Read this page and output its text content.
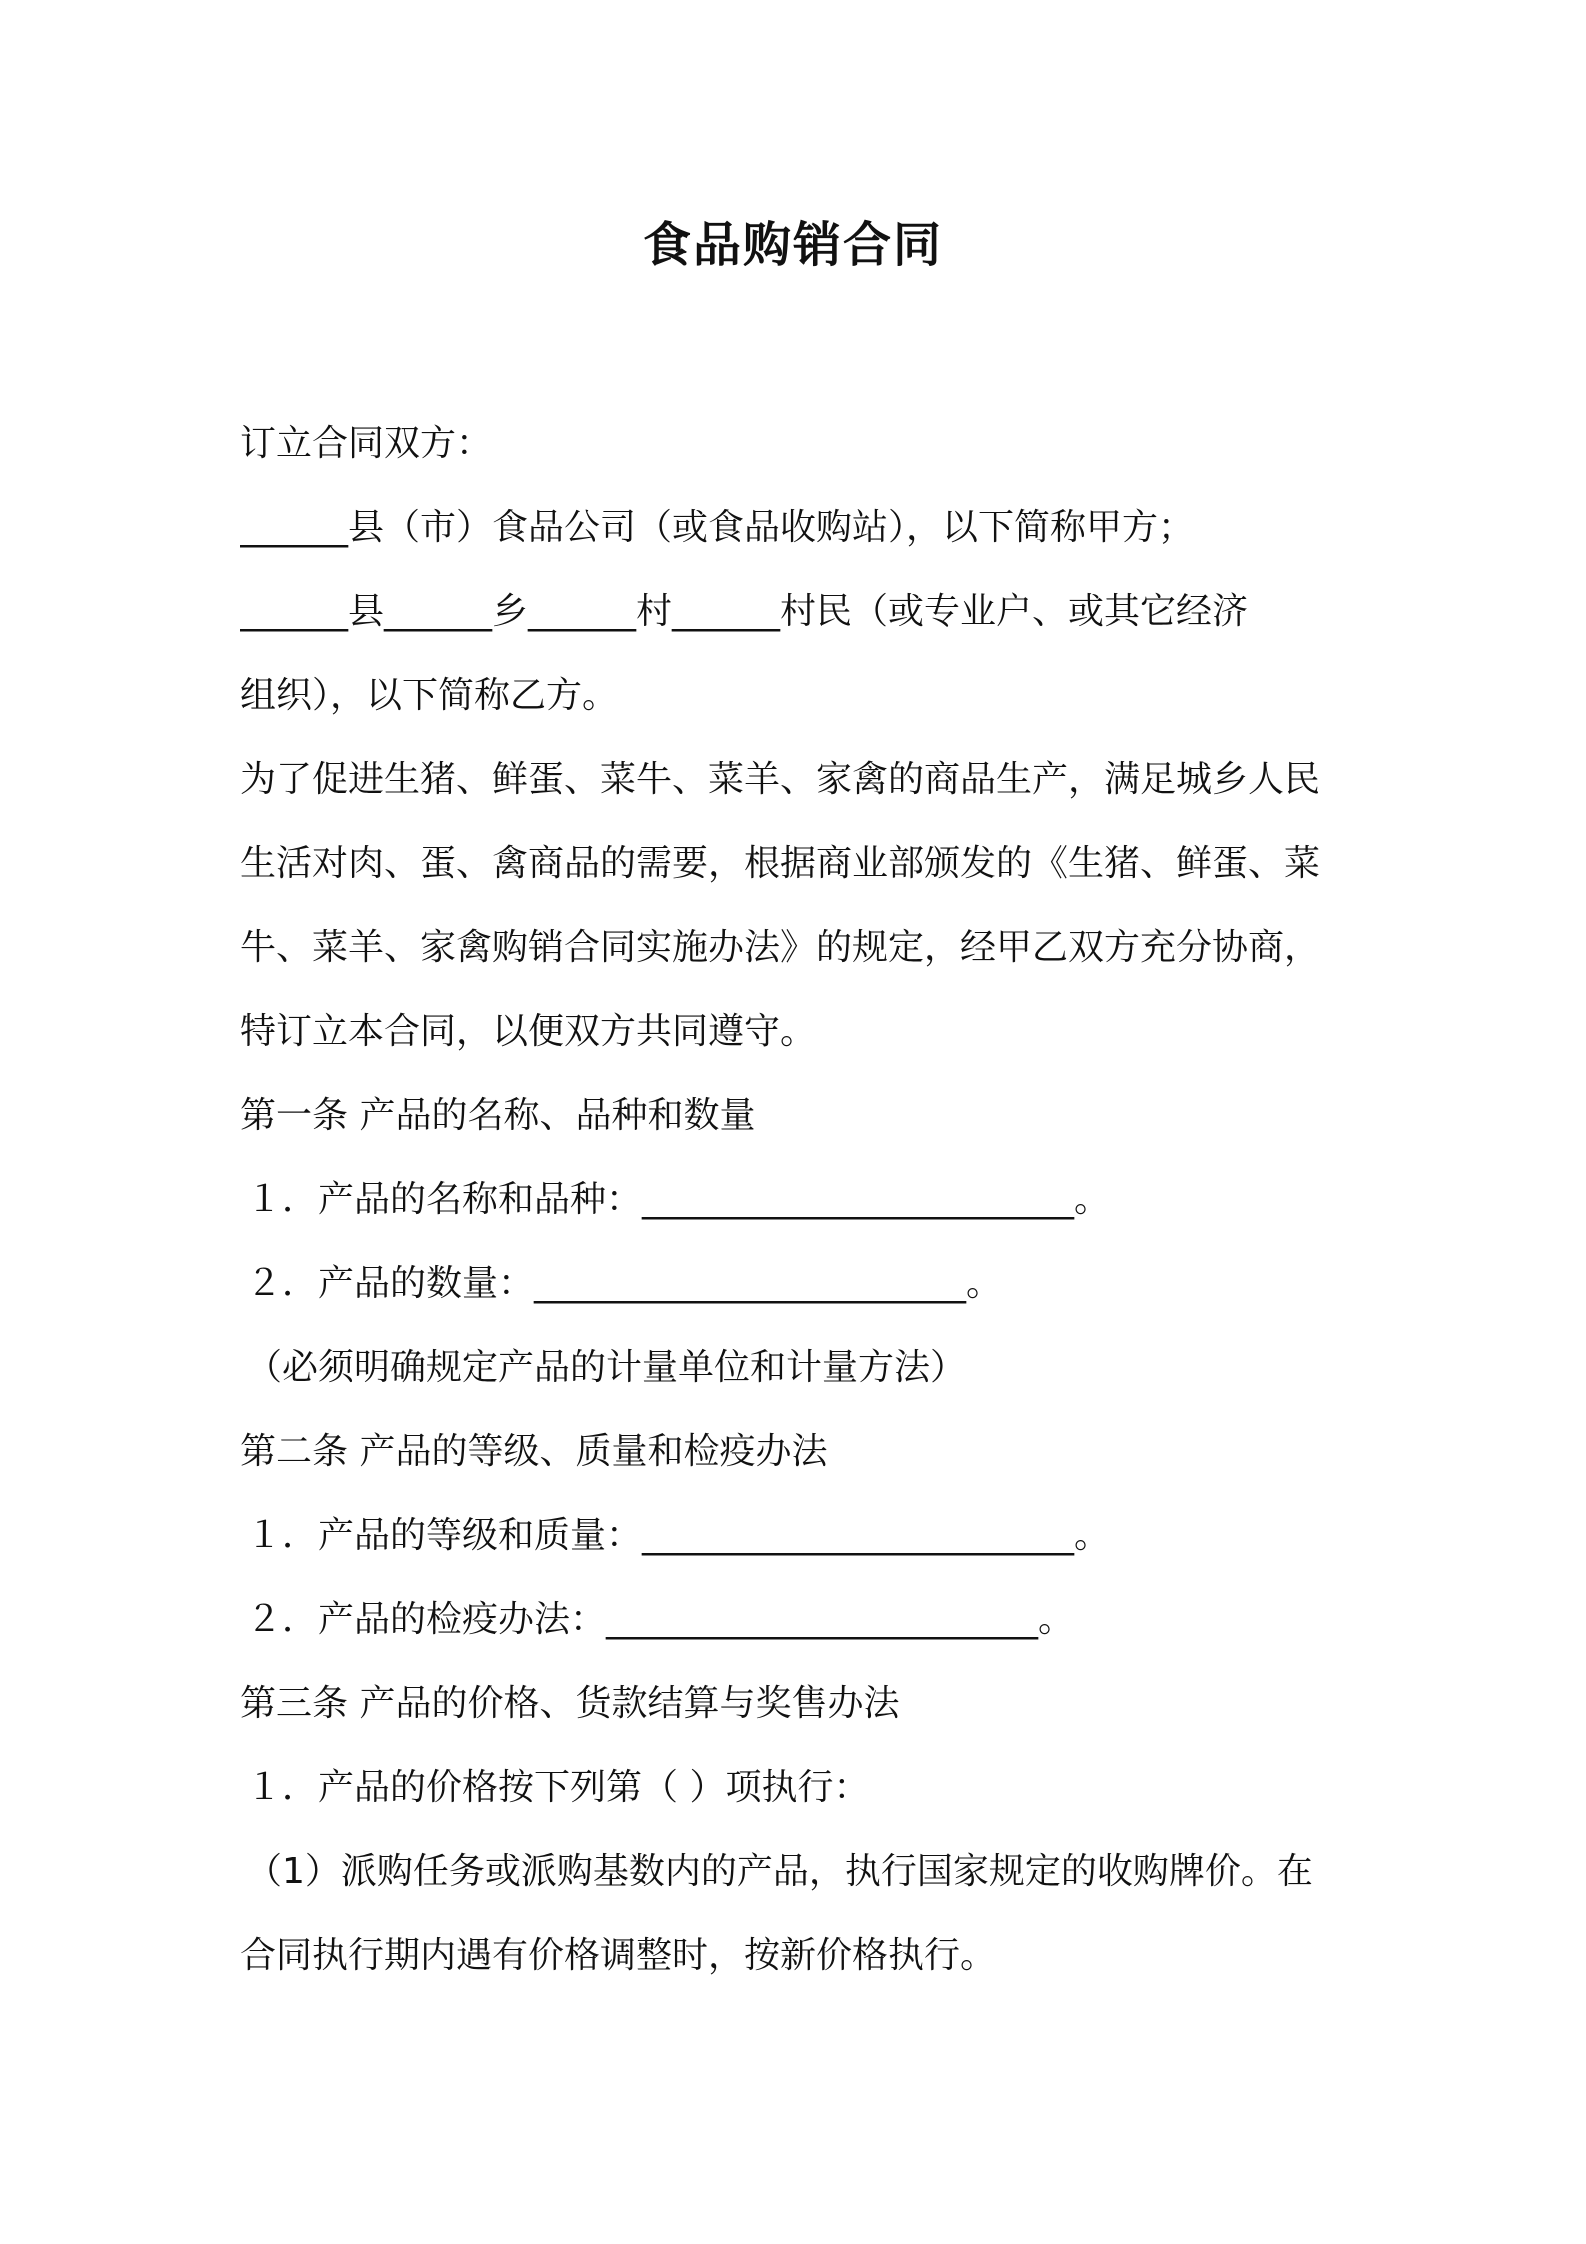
食品购销合同
订立合同双方：
______县（市）食品公司（或食品收购站），以下简称甲方；
______县______乡______村______村民（或专业户、或其它经济
组织），以下简称乙方。
为了促进生猪、鲜蛋、菜牛、菜羊、家禽的商品生产，满足城乡人民
生活对肉、蛋、禽商品的需要，根据商业部颁发的《生猪、鲜蛋、菜
牛、菜羊、家禽购销合同实施办法》的规定，经甲乙双方充分协商，
特订立本合同，以便双方共同遵守。
第一条 产品的名称、品种和数量
１．产品的名称和品种：________________________。
２．产品的数量：________________________。
（必须明确规定产品的计量单位和计量方法）
第二条 产品的等级、质量和检疫办法
１．产品的等级和质量：________________________。
２．产品的检疫办法：________________________。
第三条 产品的价格、货款结算与奖售办法
１．产品的价格按下列第（ ）项执行：
（1）派购任务或派购基数内的产品，执行国家规定的收购牌价。在
合同执行期内遇有价格调整时，按新价格执行。
